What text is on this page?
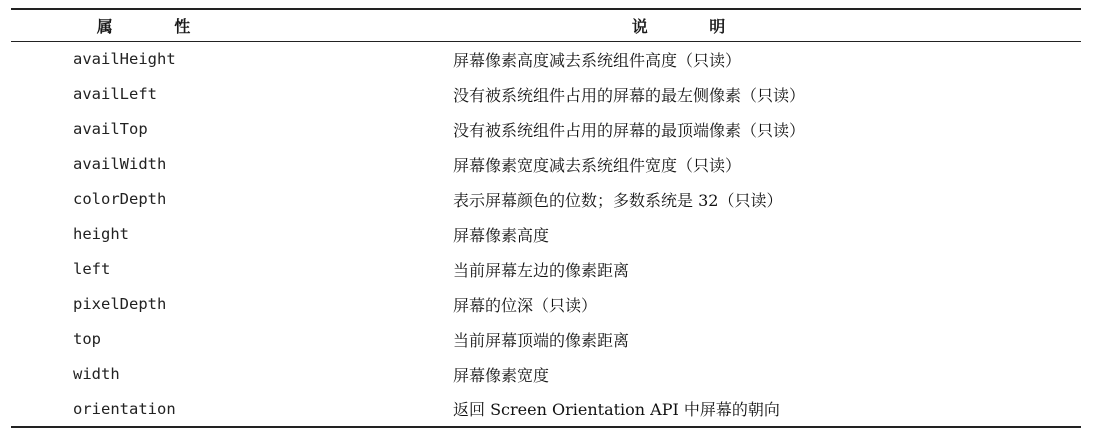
属 性	说 明
availHeight	屏幕像素高度减去系统组件高度（只读）
availLeft	没有被系统组件占用的屏幕的最左侧像素（只读）
availTop	没有被系统组件占用的屏幕的最顶端像素（只读）
availWidth	屏幕像素宽度减去系统组件宽度（只读）
colorDepth	表示屏幕颜色的位数；多数系统是 32（只读）
height	屏幕像素高度
left	当前屏幕左边的像素距离
pixelDepth	屏幕的位深（只读）
top	当前屏幕顶端的像素距离
width	屏幕像素宽度
orientation	返回 Screen Orientation API 中屏幕的朝向
